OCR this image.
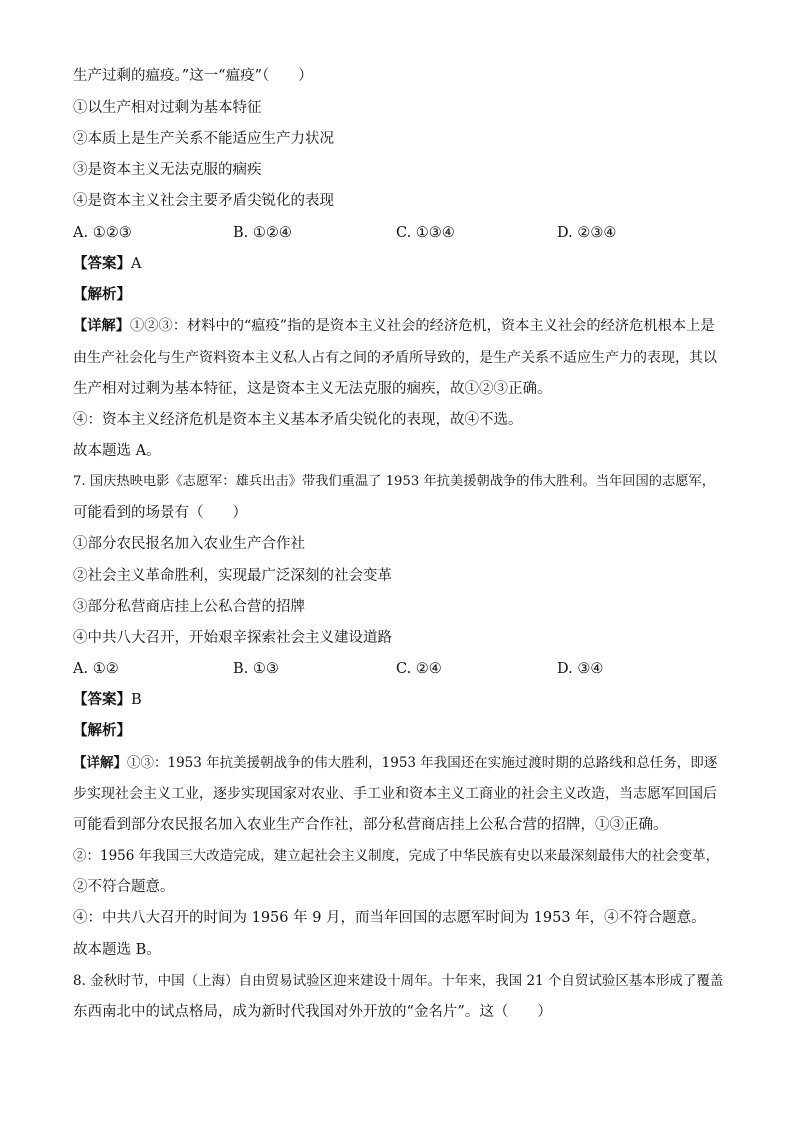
生产过剩的瘟疫。”这一“瘟疫”（　　）
①以生产相对过剩为基本特征
②本质上是生产关系不能适应生产力状况
③是资本主义无法克服的痼疾
④是资本主义社会主要矛盾尖锐化的表现
A. ①②③	B. ①②④	C. ①③④	D. ②③④
【答案】A
【解析】
【详解】①②③：材料中的“瘟疫”指的是资本主义社会的经济危机，资本主义社会的经济危机根本上是
由生产社会化与生产资料资本主义私人占有之间的矛盾所导致的，是生产关系不适应生产力的表现，其以
生产相对过剩为基本特征，这是资本主义无法克服的痼疾，故①②③正确。
④：资本主义经济危机是资本主义基本矛盾尖锐化的表现，故④不选。
故本题选 A。
7. 国庆热映电影《志愿军：雄兵出击》带我们重温了 1953 年抗美援朝战争的伟大胜利。当年回国的志愿军，
可能看到的场景有（　　）
①部分农民报名加入农业生产合作社
②社会主义革命胜利，实现最广泛深刻的社会变革
③部分私营商店挂上公私合营的招牌
④中共八大召开，开始艰辛探索社会主义建设道路
A. ①②	B. ①③	C. ②④	D. ③④
【答案】B
【解析】
【详解】①③：1953 年抗美援朝战争的伟大胜利，1953 年我国还在实施过渡时期的总路线和总任务，即逐
步实现社会主义工业，逐步实现国家对农业、手工业和资本主义工商业的社会主义改造，当志愿军回国后
可能看到部分农民报名加入农业生产合作社，部分私营商店挂上公私合营的招牌，①③正确。
②：1956 年我国三大改造完成，建立起社会主义制度，完成了中华民族有史以来最深刻最伟大的社会变革，
②不符合题意。
④：中共八大召开的时间为 1956 年 9 月，而当年回国的志愿军时间为 1953 年，④不符合题意。
故本题选 B。
8. 金秋时节，中国（上海）自由贸易试验区迎来建设十周年。十年来，我国 21 个自贸试验区基本形成了覆盖
东西南北中的试点格局，成为新时代我国对外开放的“金名片”。这（　　）
